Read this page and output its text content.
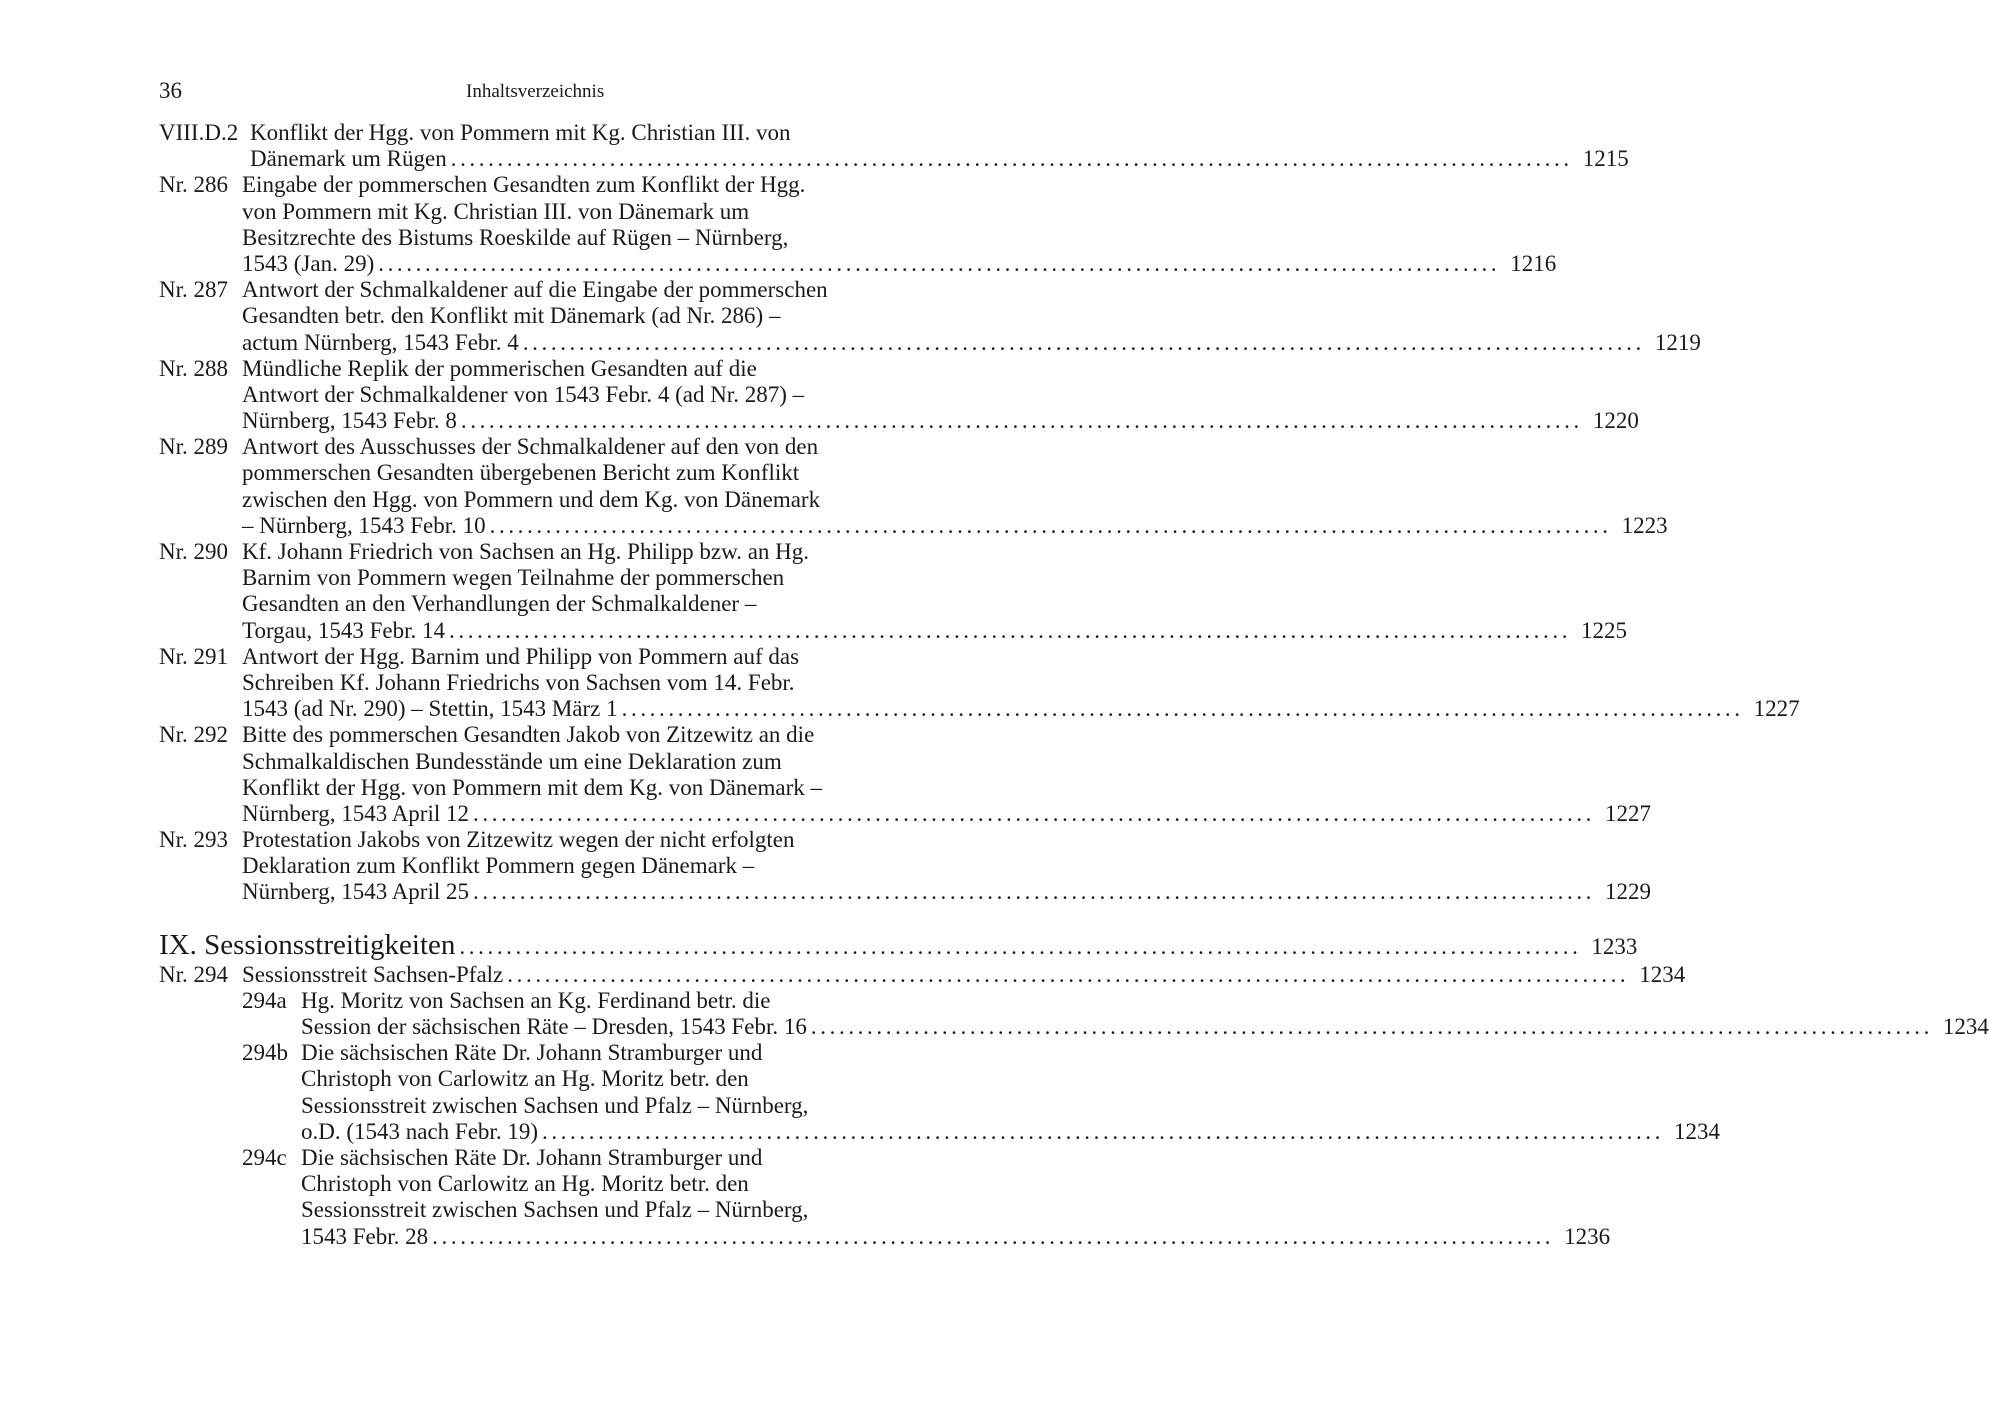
36	Inhaltsverzeichnis
VIII.D.2 Konflikt der Hgg. von Pommern mit Kg. Christian III. von
Dänemark um Rügen ........................................................................................................................ 1215
Nr. 286 Eingabe der pommerschen Gesandten zum Konflikt der Hgg.
von Pommern mit Kg. Christian III. von Dänemark um
Besitzrechte des Bistums Roeskilde auf Rügen – Nürnberg,
1543 (Jan. 29) ........................................................................................................................ 1216
Nr. 287 Antwort der Schmalkaldener auf die Eingabe der pommerschen
Gesandten betr. den Konflikt mit Dänemark (ad Nr. 286) –
actum Nürnberg, 1543 Febr. 4 ........................................................................................................................ 1219
Nr. 288 Mündliche Replik der pommerischen Gesandten auf die
Antwort der Schmalkaldener von 1543 Febr. 4 (ad Nr. 287) –
Nürnberg, 1543 Febr. 8 ........................................................................................................................ 1220
Nr. 289 Antwort des Ausschusses der Schmalkaldener auf den von den
pommerschen Gesandten übergebenen Bericht zum Konflikt
zwischen den Hgg. von Pommern und dem Kg. von Dänemark
– Nürnberg, 1543 Febr. 10 ........................................................................................................................ 1223
Nr. 290 Kf. Johann Friedrich von Sachsen an Hg. Philipp bzw. an Hg.
Barnim von Pommern wegen Teilnahme der pommerschen
Gesandten an den Verhandlungen der Schmalkaldener –
Torgau, 1543 Febr. 14 ........................................................................................................................ 1225
Nr. 291 Antwort der Hgg. Barnim und Philipp von Pommern auf das
Schreiben Kf. Johann Friedrichs von Sachsen vom 14. Febr.
1543 (ad Nr. 290) – Stettin, 1543 März 1 ........................................................................................................................ 1227
Nr. 292 Bitte des pommerschen Gesandten Jakob von Zitzewitz an die
Schmalkaldischen Bundesstände um eine Deklaration zum
Konflikt der Hgg. von Pommern mit dem Kg. von Dänemark –
Nürnberg, 1543 April 12 ........................................................................................................................ 1227
Nr. 293 Protestation Jakobs von Zitzewitz wegen der nicht erfolgten
Deklaration zum Konflikt Pommern gegen Dänemark –
Nürnberg, 1543 April 25 ........................................................................................................................ 1229
IX. Sessionsstreitigkeiten ........................................................................................................................ 1233
Nr. 294 Sessionsstreit Sachsen-Pfalz ........................................................................................................................ 1234
294a Hg. Moritz von Sachsen an Kg. Ferdinand betr. die
Session der sächsischen Räte – Dresden, 1543 Febr. 16 ........................................................................................................................ 1234
294b Die sächsischen Räte Dr. Johann Stramburger und
Christoph von Carlowitz an Hg. Moritz betr. den
Sessionsstreit zwischen Sachsen und Pfalz – Nürnberg,
o.D. (1543 nach Febr. 19) ........................................................................................................................ 1234
294c Die sächsischen Räte Dr. Johann Stramburger und
Christoph von Carlowitz an Hg. Moritz betr. den
Sessionsstreit zwischen Sachsen und Pfalz – Nürnberg,
1543 Febr. 28 ........................................................................................................................ 1236
